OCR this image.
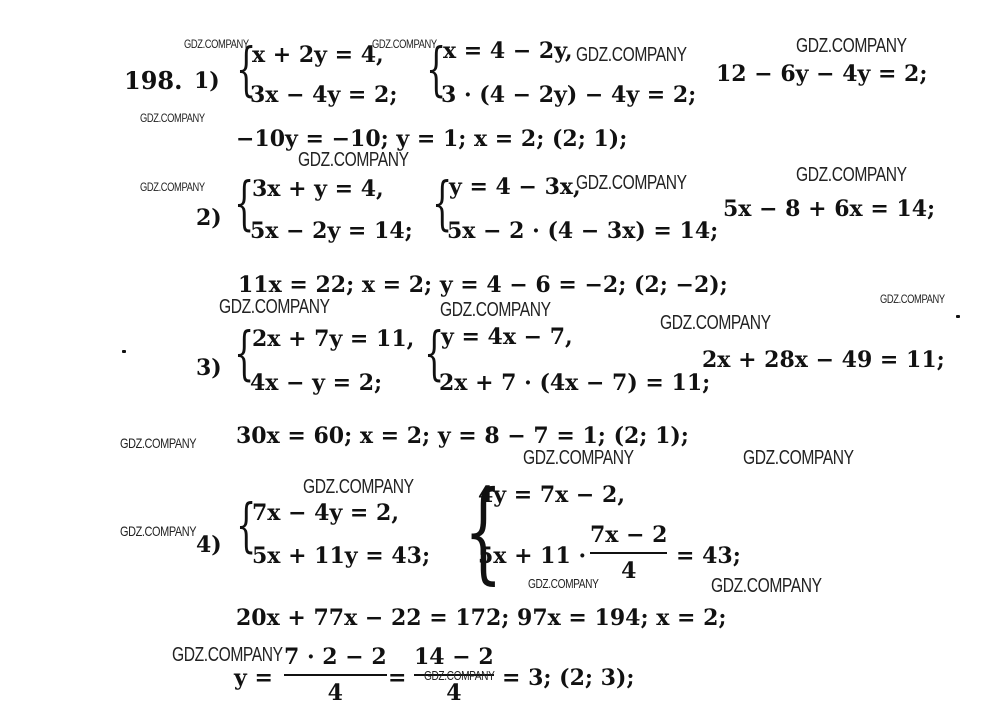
198. 1) {
x + 2y = 4,
3x − 4y = 2; {
x = 4 − 2y,
3 · (4 − 2y) − 4y = 2;
12 − 6y − 4y = 2;
−10y = −10; y = 1; x = 2; (2; 1);
2) {
3x + y = 4,
5x − 2y = 14; {
y = 4 − 3x,
5x − 2 · (4 − 3x) = 14;
5x − 8 + 6x = 14;
11x = 22; x = 2; y = 4 − 6 = −2; (2; −2);
3) {
2x + 7y = 11,
4x − y = 2; {
y = 4x − 7,
2x + 7 · (4x − 7) = 11;
2x + 28x − 49 = 11;
30x = 60; x = 2; y = 8 − 7 = 1; (2; 1);
4) {
7x − 4y = 2,
5x + 11y = 43; {
4y = 7x − 2,
5x + 11 ·
7x − 2
4
= 43;
20x + 77x − 22 = 172; 97x = 194; x = 2;
y =
7 · 2 − 2
4
=
14 − 2
4
= 3; (2; 3);
GDZ.COMPANY	GDZ.COMPANY	GDZ.COMPANY	GDZ.COMPANY
GDZ.COMPANY
GDZ.COMPANY
GDZ.COMPANY	GDZ.COMPANY	GDZ.COMPANY
GDZ.COMPANY
GDZ.COMPANY	GDZ.COMPANY
GDZ.COMPANY
GDZ.COMPANY
GDZ.COMPANY	GDZ.COMPANY
GDZ.COMPANY
GDZ.COMPANY
GDZ.COMPANY	GDZ.COMPANY
GDZ.COMPANY
GDZ.COMPANY
